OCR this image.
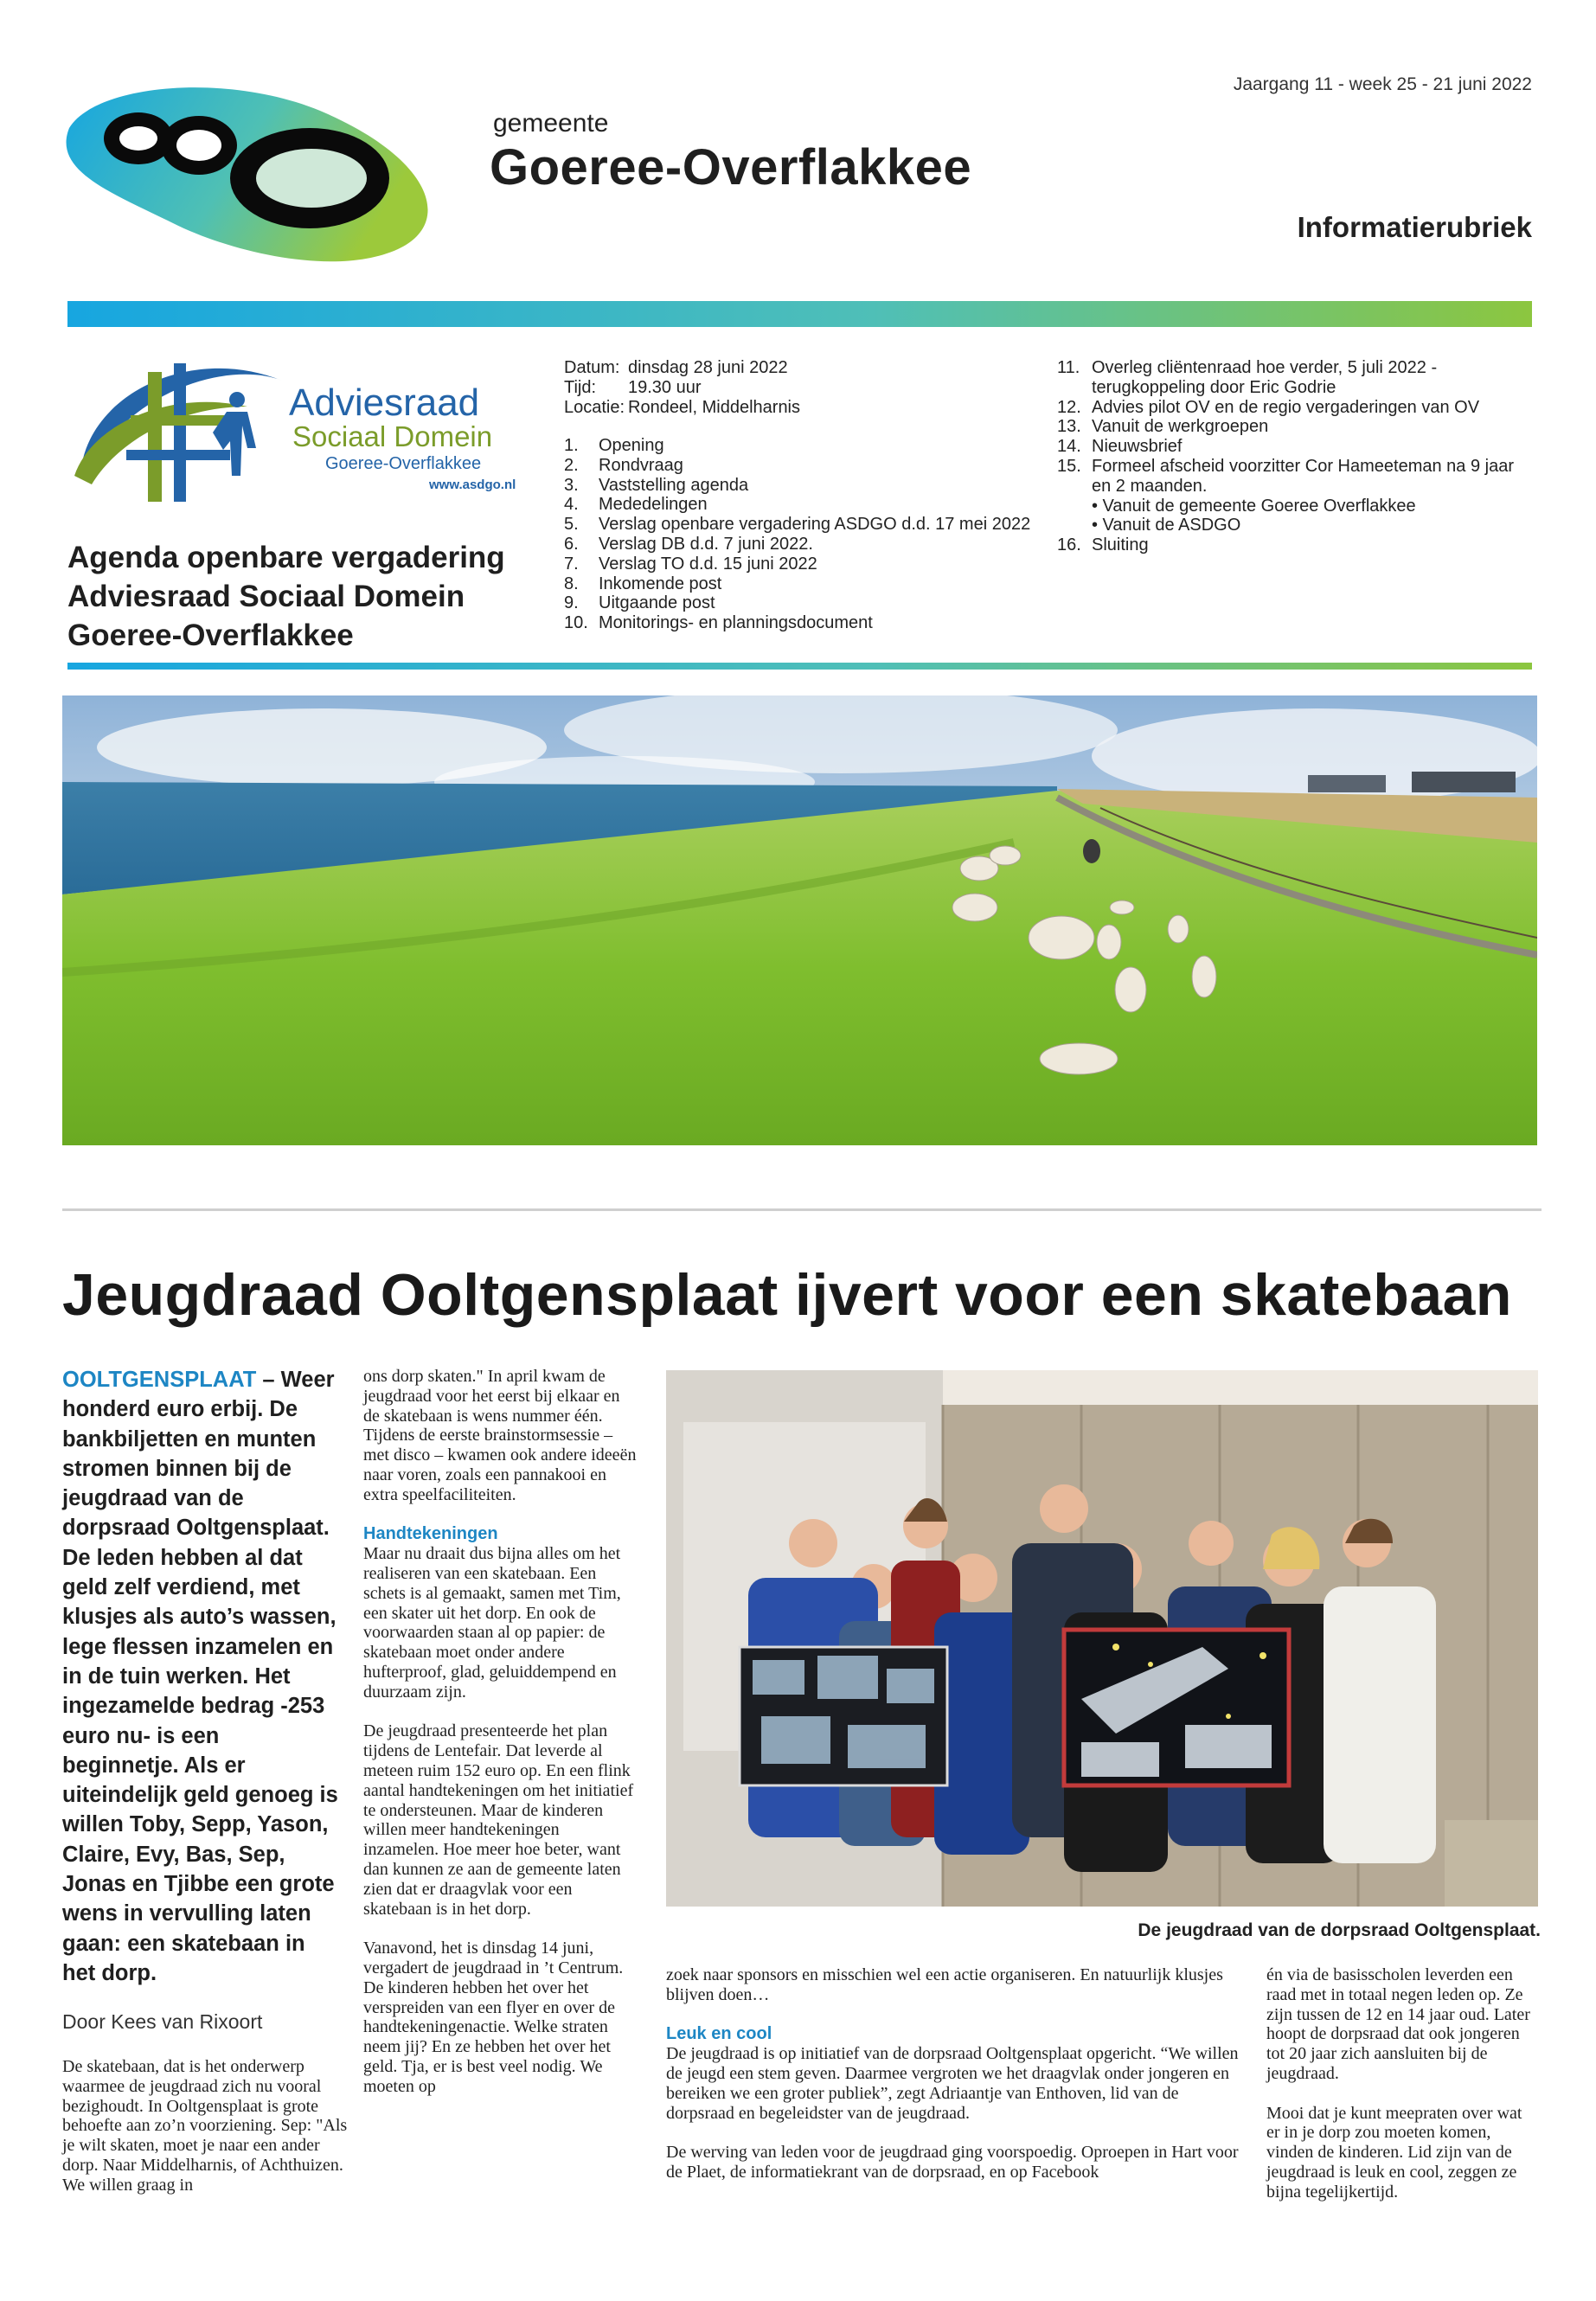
gemeente
Goeree-Overflakkee
Jaargang 11 - week 25 - 21 juni 2022
Informatierubriek
Adviesraad
Sociaal Domein
Goeree-Overflakkee
www.asdgo.nl
Agenda openbare vergadering
Adviesraad Sociaal Domein
Goeree-Overflakkee
Datum: dinsdag 28 juni 2022
Tijd:	19.30 uur
Locatie: Rondeel, Middelharnis
1.	Opening
2.	Rondvraag
3.	Vaststelling agenda
4.	Mededelingen
5.	Verslag openbare vergadering ASDGO d.d. 17 mei 2022
6.	Verslag DB d.d. 7 juni 2022.
7.	Verslag TO d.d. 15 juni 2022
8.	Inkomende post
9.	Uitgaande post
10. Monitorings- en planningsdocument
11. Overleg cliëntenraad hoe verder, 5 juli 2022 - terugkoppeling door Eric Godrie
12. Advies pilot OV en de regio vergaderingen van OV
13. Vanuit de werkgroepen
14. Nieuwsbrief
15. Formeel afscheid voorzitter Cor Hameeteman na 9 jaar en 2 maanden.
• Vanuit de gemeente Goeree Overflakkee
• Vanuit de ASDGO
16. Sluiting
Jeugdraad Ooltgensplaat ijvert voor een skatebaan
OOLTGENSPLAAT – Weer honderd euro erbij. De bankbiljetten en munten stromen binnen bij de jeugdraad van de dorpsraad Ooltgensplaat. De leden hebben al dat geld zelf verdiend, met klusjes als auto’s wassen, lege flessen inzamelen en in de tuin werken. Het ingezamelde bedrag -253 euro nu- is een beginnetje. Als er uiteindelijk geld genoeg is willen Toby, Sepp, Yason, Claire, Evy, Bas, Sep, Jonas en Tjibbe een grote wens in vervulling laten gaan: een skatebaan in het dorp.
Door Kees van Rixoort

De skatebaan, dat is het onderwerp waarmee de jeugdraad zich nu vooral bezighoudt. In Ooltgensplaat is grote behoefte aan zo’n voorziening. Sep: "Als je wilt skaten, moet je naar een ander dorp. Naar Middelharnis, of Achthuizen. We willen graag in

ons dorp skaten." In april kwam de jeugdraad voor het eerst bij elkaar en de skatebaan is wens nummer één. Tijdens de eerste brainstormsessie – met disco – kwamen ook andere ideeën naar voren, zoals een pannakooi en extra speelfaciliteiten.

Handtekeningen

Maar nu draait dus bijna alles om het realiseren van een skatebaan. Een schets is al gemaakt, samen met Tim, een skater uit het dorp. En ook de voorwaarden staan al op papier: de skatebaan moet onder andere hufterproof, glad, geluiddempend en duurzaam zijn.

De jeugdraad presenteerde het plan tijdens de Lentefair. Dat leverde al meteen ruim 152 euro op. En een flink aantal handtekeningen om het initiatief te ondersteunen. Maar de kinderen willen meer handtekeningen inzamelen. Hoe meer hoe beter, want dan kunnen ze aan de gemeente laten zien dat er draagvlak voor een skatebaan is in het dorp.

Vanavond, het is dinsdag 14 juni, vergadert de jeugdraad in ’t Centrum. De kinderen hebben het over het verspreiden van een flyer en over de handtekeningenactie. Welke straten neem jij? En ze hebben het over het geld. Tja, er is best veel nodig. We moeten op

De jeugdraad van de dorpsraad Ooltgensplaat.

zoek naar sponsors en misschien wel een actie organiseren. En natuurlijk klusjes blijven doen…

Leuk en cool

De jeugdraad is op initiatief van de dorpsraad Ooltgensplaat opgericht. “We willen de jeugd een stem geven. Daarmee vergroten we het draagvlak onder jongeren en bereiken we een groter publiek”, zegt Adriaantje van Enthoven, lid van de dorpsraad en begeleidster van de jeugdraad.

De werving van leden voor de jeugdraad ging voorspoedig. Oproepen in Hart voor de Plaet, de informatiekrant van de dorpsraad, en op Facebook

én via de basisscholen leverden een raad met in totaal negen leden op. Ze zijn tussen de 12 en 14 jaar oud. Later hoopt de dorpsraad dat ook jongeren tot 20 jaar zich aansluiten bij de jeugdraad.

Mooi dat je kunt meepraten over wat er in je dorp zou moeten komen, vinden de kinderen. Lid zijn van de jeugdraad is leuk en cool, zeggen ze bijna tegelijkertijd.
